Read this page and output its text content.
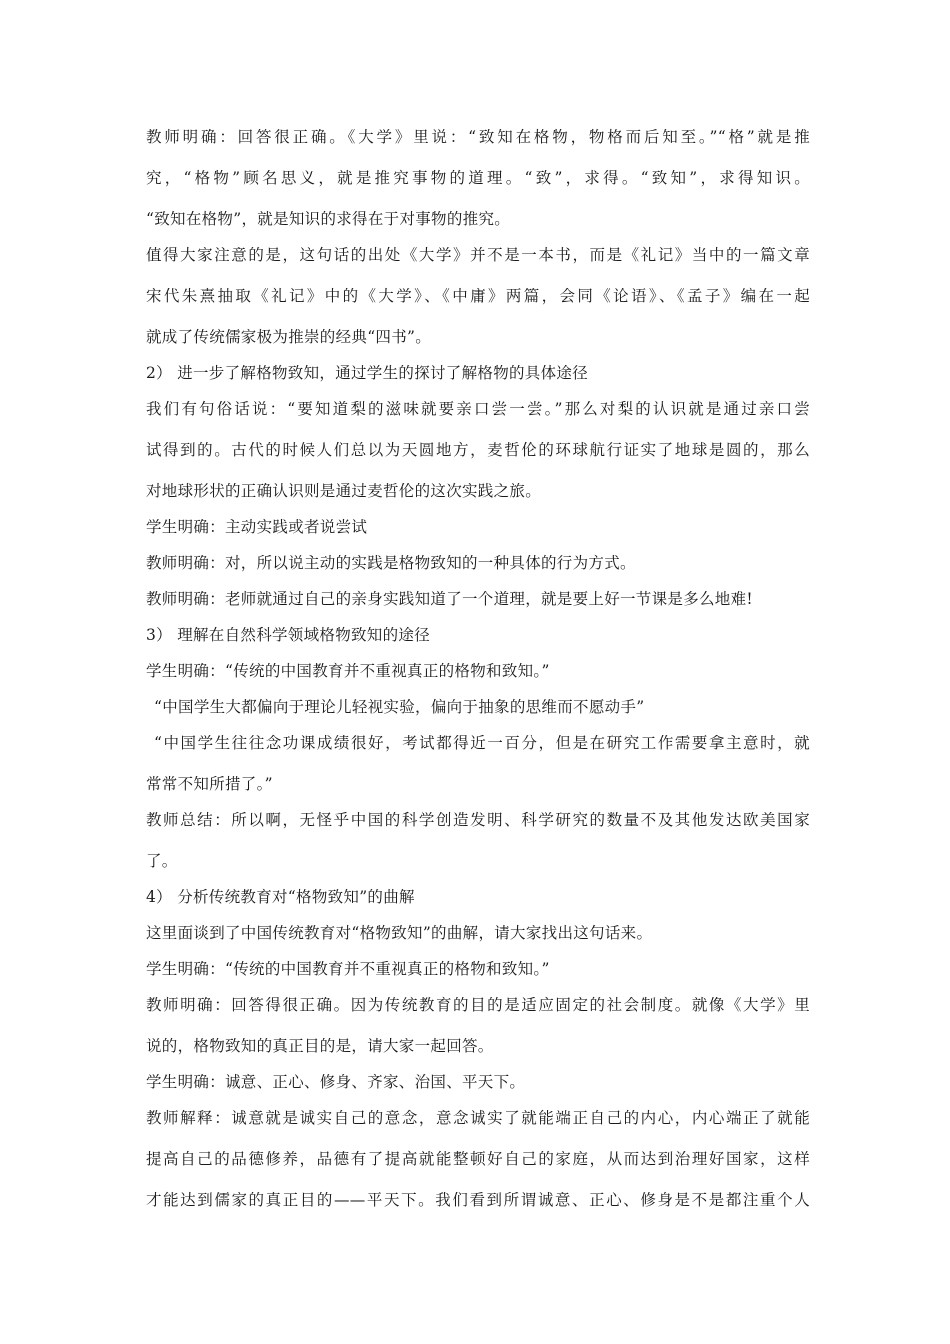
教师明确：回答很正确。《大学》里说：“致知在格物，物格而后知至。”“格”就是推
究，“格物”顾名思义，就是推究事物的道理。“致”，求得。“致知”，求得知识。
“致知在格物”，就是知识的求得在于对事物的推究。
值得大家注意的是，这句话的出处《大学》并不是一本书，而是《礼记》当中的一篇文章
宋代朱熹抽取《礼记》中的《大学》、《中庸》两篇，会同《论语》、《孟子》编在一起
就成了传统儒家极为推崇的经典“四书”。
2） 进一步了解格物致知，通过学生的探讨了解格物的具体途径
我们有句俗话说：“要知道梨的滋味就要亲口尝一尝。”那么对梨的认识就是通过亲口尝
试得到的。古代的时候人们总以为天圆地方，麦哲伦的环球航行证实了地球是圆的，那么
对地球形状的正确认识则是通过麦哲伦的这次实践之旅。
学生明确：主动实践或者说尝试
教师明确：对，所以说主动的实践是格物致知的一种具体的行为方式。
教师明确：老师就通过自己的亲身实践知道了一个道理，就是要上好一节课是多么地难!
3） 理解在自然科学领域格物致知的途径
学生明确：“传统的中国教育并不重视真正的格物和致知。”
“中国学生大都偏向于理论儿轻视实验，偏向于抽象的思维而不愿动手”
“中国学生往往念功课成绩很好，考试都得近一百分，但是在研究工作需要拿主意时，就
常常不知所措了。”
教师总结：所以啊，无怪乎中国的科学创造发明、科学研究的数量不及其他发达欧美国家
了。
4） 分析传统教育对“格物致知”的曲解
这里面谈到了中国传统教育对“格物致知”的曲解，请大家找出这句话来。
学生明确：“传统的中国教育并不重视真正的格物和致知。”
教师明确：回答得很正确。因为传统教育的目的是适应固定的社会制度。就像《大学》里
说的，格物致知的真正目的是，请大家一起回答。
学生明确：诚意、正心、修身、齐家、治国、平天下。
教师解释：诚意就是诚实自己的意念，意念诚实了就能端正自己的内心，内心端正了就能
提高自己的品德修养，品德有了提高就能整顿好自己的家庭，从而达到治理好国家，这样
才能达到儒家的真正目的——平天下。我们看到所谓诚意、正心、修身是不是都注重个人
